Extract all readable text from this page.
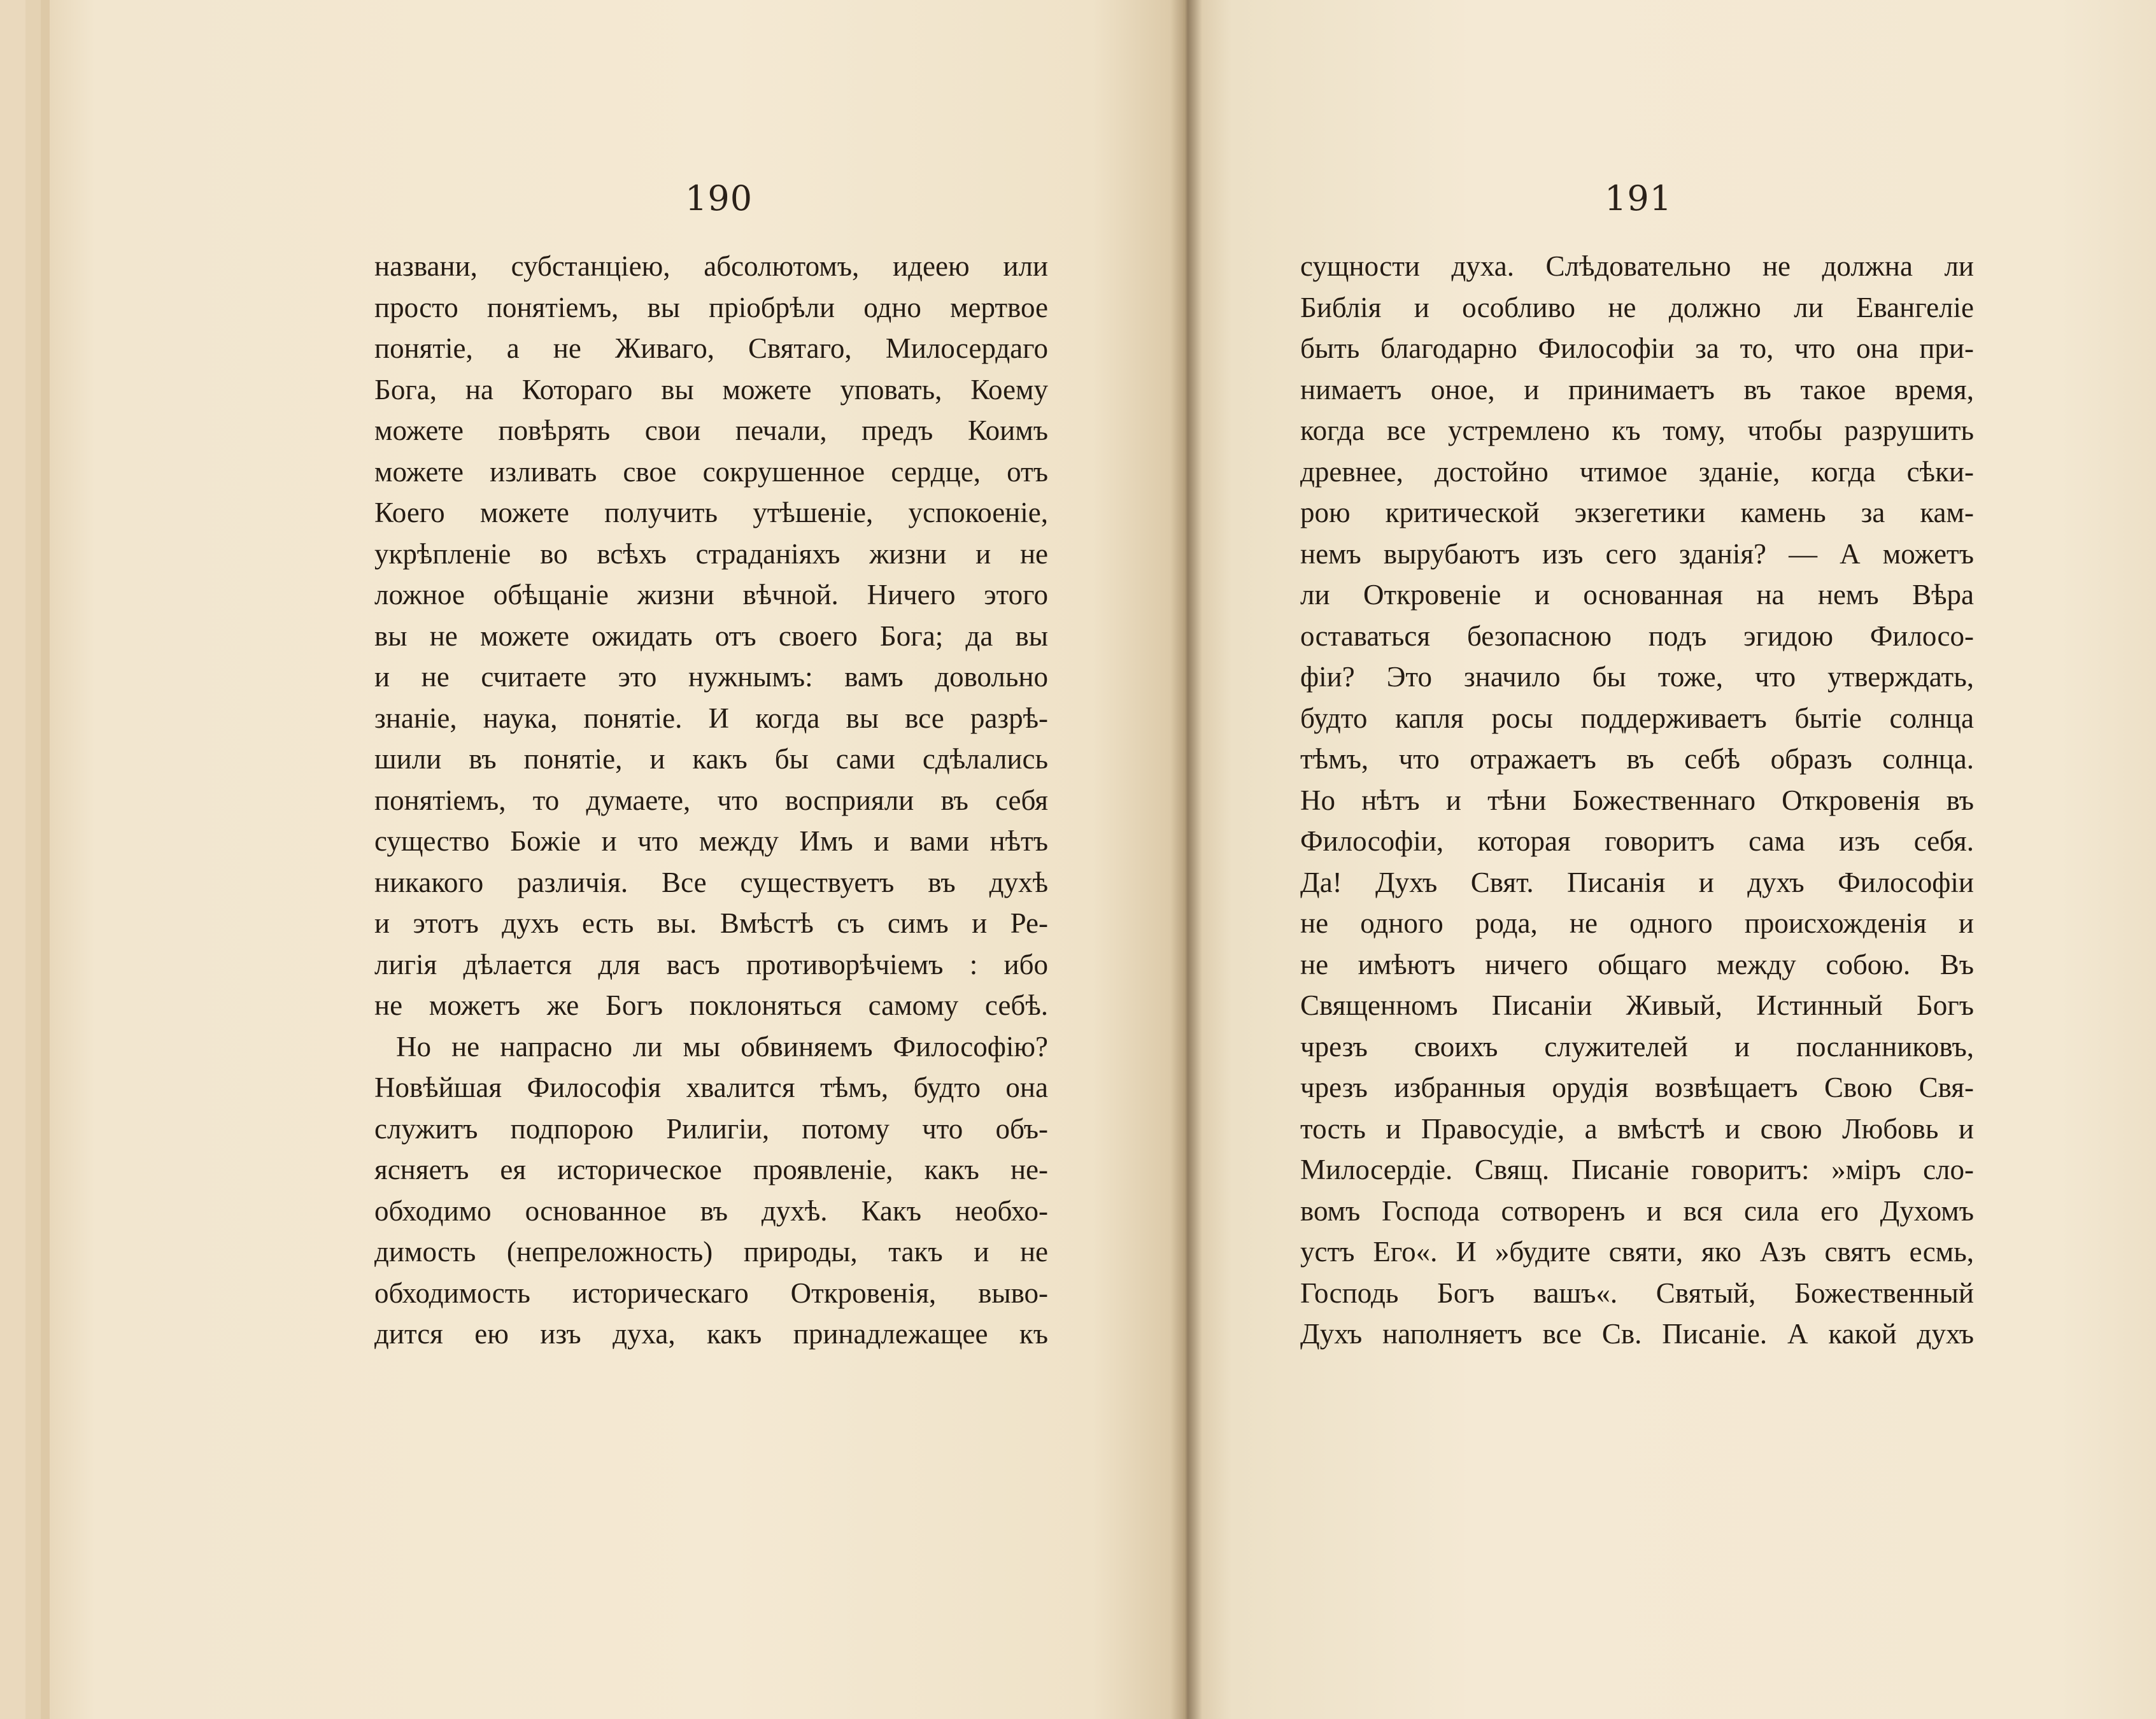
190	191
названи, субстанціею, абсолютомъ, идеею или
просто понятіемъ, вы пріобрѣли одно мертвое
понятіе, а не Живаго, Святаго, Милосердаго
Бога, на Котораго вы можете уповать, Коему
можете повѣрять свои печали, предъ Коимъ
можете изливать свое сокрушенное сердце, отъ
Коего можете получить утѣшеніе, успокоеніе,
укрѣпленіе во всѣхъ страданіяхъ жизни и не
ложное обѣщаніе жизни вѣчной. Ничего этого
вы не можете ожидать отъ своего Бога; да вы
и не считаете это нужнымъ: вамъ довольно
знаніе, наука, понятіе. И когда вы все разрѣ-
шили въ понятіе, и какъ бы сами сдѣлались
понятіемъ, то думаете, что восприяли въ себя
существо Божіе и что между Имъ и вами нѣтъ
никакого различія. Все существуетъ въ духѣ
и этотъ духъ есть вы. Вмѣстѣ съ симъ и Ре-
лигія дѣлается для васъ противорѣчіемъ : ибо
не можетъ же Богъ поклоняться самому себѣ.
Но не напрасно ли мы обвиняемъ Философію?
Новѣйшая Философія хвалится тѣмъ, будто она
служитъ подпорою Рилигіи, потому что объ-
ясняетъ ея историческое проявленіе, какъ не-
обходимо основанное въ духѣ. Какъ необхо-
димость (непреложность) природы, такъ и не
обходимость историческаго Откровенія, выво-
дится ею изъ духа, какъ принадлежащее къ
сущности духа. Слѣдовательно не должна ли
Библія и особливо не должно ли Евангеліе
быть благодарно Философіи за то, что она при-
нимаетъ оное, и принимаетъ въ такое время,
когда все устремлено къ тому, чтобы разрушить
древнее, достойно чтимое зданіе, когда сѣки-
рою критической экзегетики камень за кам-
немъ вырубаютъ изъ сего зданія? — А можетъ
ли Откровеніе и основанная на немъ Вѣра
оставаться безопасною подъ эгидою Филосо-
фіи? Это значило бы тоже, что утверждать,
будто капля росы поддерживаетъ бытіе солнца
тѣмъ, что отражаетъ въ себѣ образъ солнца.
Но нѣтъ и тѣни Божественнаго Откровенія въ
Философіи, которая говоритъ сама изъ себя.
Да! Духъ Свят. Писанія и духъ Философіи
не одного рода, не одного происхожденія и
не имѣютъ ничего общаго между собою. Въ
Священномъ Писаніи Живый, Истинный Богъ
чрезъ своихъ служителей и посланниковъ,
чрезъ избранныя орудія возвѣщаетъ Свою Свя-
тость и Правосудіе, а вмѣстѣ и свою Любовь и
Милосердіе. Свящ. Писаніе говоритъ: »міръ сло-
вомъ Господа сотворенъ и вся сила его Духомъ
устъ Его«. И »будите святи, яко Азъ святъ есмь,
Господь Богъ вашъ«. Святый, Божественный
Духъ наполняетъ все Св. Писаніе. А какой духъ
